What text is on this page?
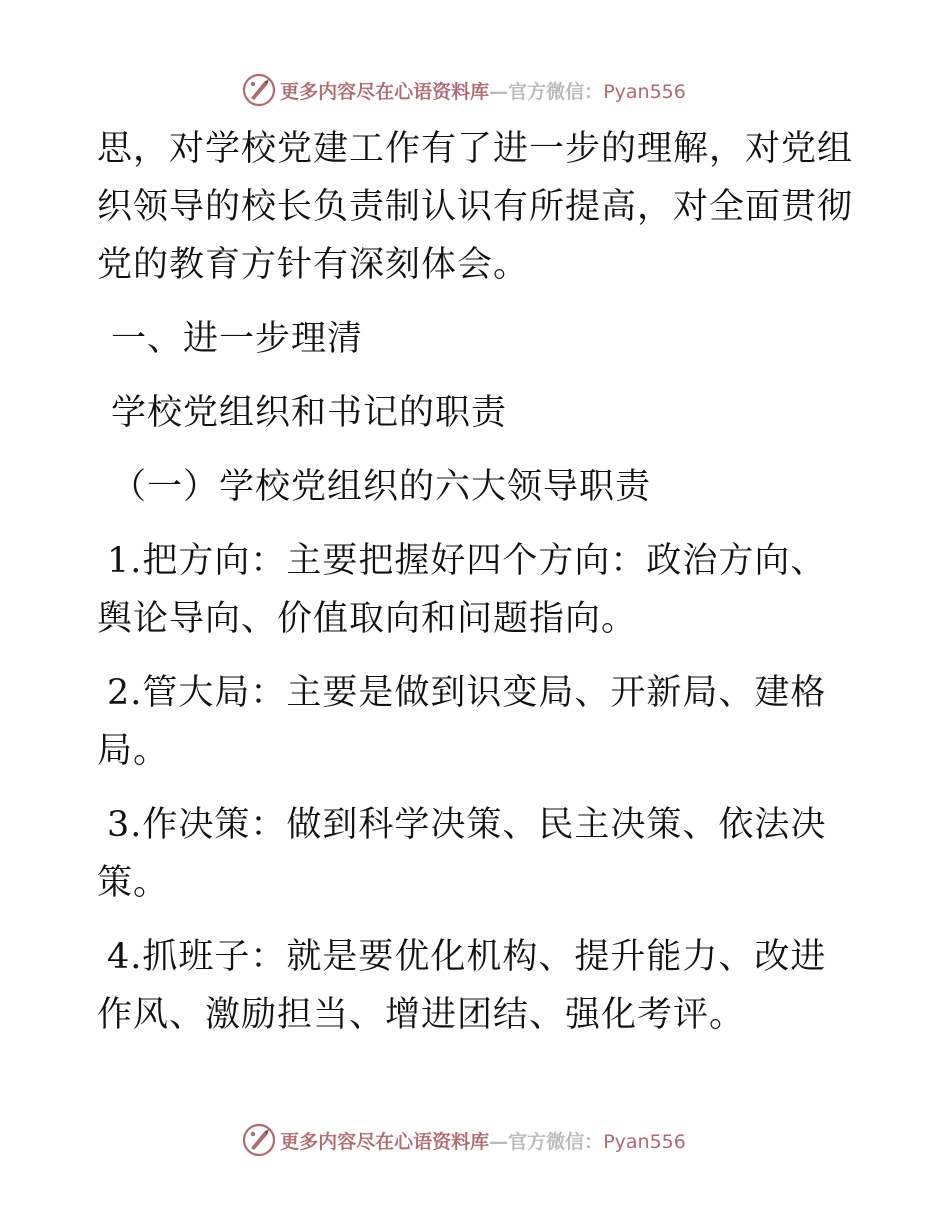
更多内容尽在心语资料库—官方微信：Pyan556

思，对学校党建工作有了进一步的理解，对党组织领导的校长负责制认识有所提高，对全面贯彻党的教育方针有深刻体会。

一、进一步理清

学校党组织和书记的职责

（一）学校党组织的六大领导职责

1.把方向：主要把握好四个方向：政治方向、舆论导向、价值取向和问题指向。

2.管大局：主要是做到识变局、开新局、建格局。

3.作决策：做到科学决策、民主决策、依法决策。

4.抓班子：就是要优化机构、提升能力、改进作风、激励担当、增进团结、强化考评。

更多内容尽在心语资料库—官方微信：Pyan556
